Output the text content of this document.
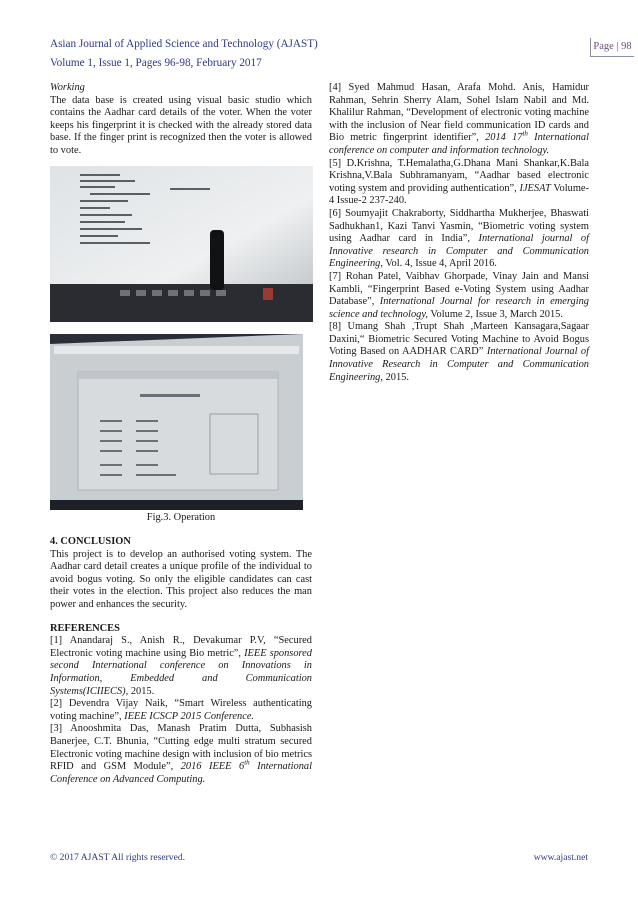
Asian Journal of Applied Science and Technology (AJAST)
Volume 1, Issue 1, Pages 96-98, February 2017
Page | 98

Working

The data base is created using visual basic studio which contains the Aadhar card details of the voter. When the voter keeps his fingerprint it is checked with the already stored data base. If the finger print is recognized then the voter is allowed to vote.

Fig.3. Operation

4. CONCLUSION

This project is to develop an authorised voting system. The Aadhar card detail creates a unique profile of the individual to avoid bogus voting. So only the eligible candidates can cast their votes in the election. This project also reduces the man power and enhances the security.

REFERENCES

[1] Anandaraj S., Anish R., Devakumar P.V, “Secured Electronic voting machine using Bio metric”, IEEE sponsored second International conference on Innovations in Information, Embedded and Communication Systems(ICIIECS), 2015.

[2] Devendra Vijay Naik, “Smart Wireless authenticating voting machine”, IEEE ICSCP 2015 Conference.

[3] Anooshmita Das, Manash Pratim Dutta, Subhasish Banerjee, C.T. Bhunia, “Cutting edge multi stratum secured Electronic voting machine design with inclusion of bio metrics RFID and GSM Module”, 2016 IEEE 6th International Conference on Advanced Computing.

[4] Syed Mahmud Hasan, Arafa Mohd. Anis, Hamidur Rahman, Sehrin Sherry Alam, Sohel Islam Nabil and Md. Khalilur Rahman, “Development of electronic voting machine with the inclusion of Near field communication ID cards and Bio metric fingerprint identifier”, 2014 17th International conference on computer and information technology.

[5] D.Krishna, T.Hemalatha,G.Dhana Mani Shankar,K.Bala Krishna,V.Bala Subhramanyam, “Aadhar based electronic voting system and providing authentication”, IJESAT Volume-4 Issue-2 237-240.

[6] Soumyajit Chakraborty, Siddhartha Mukherjee, Bhaswati Sadhukhan1, Kazi Tanvi Yasmin, “Biometric voting system using Aadhar card in India”, International journal of Innovative research in Computer and Communication Engineering, Vol. 4, Issue 4, April 2016.

[7] Rohan Patel, Vaibhav Ghorpade, Vinay Jain and Mansi Kambli, “Fingerprint Based e-Voting System using Aadhar Database”, International Journal for research in emerging science and technology, Volume 2, Issue 3, March 2015.

[8] Umang Shah ,Trupt Shah ,Marteen Kansagara,Sagaar Daxini,“ Biometric Secured Voting Machine to Avoid Bogus Voting Based on AADHAR CARD” International Journal of Innovative Research in Computer and Communication Engineering, 2015.

© 2017 AJAST All rights reserved.	www.ajast.net
